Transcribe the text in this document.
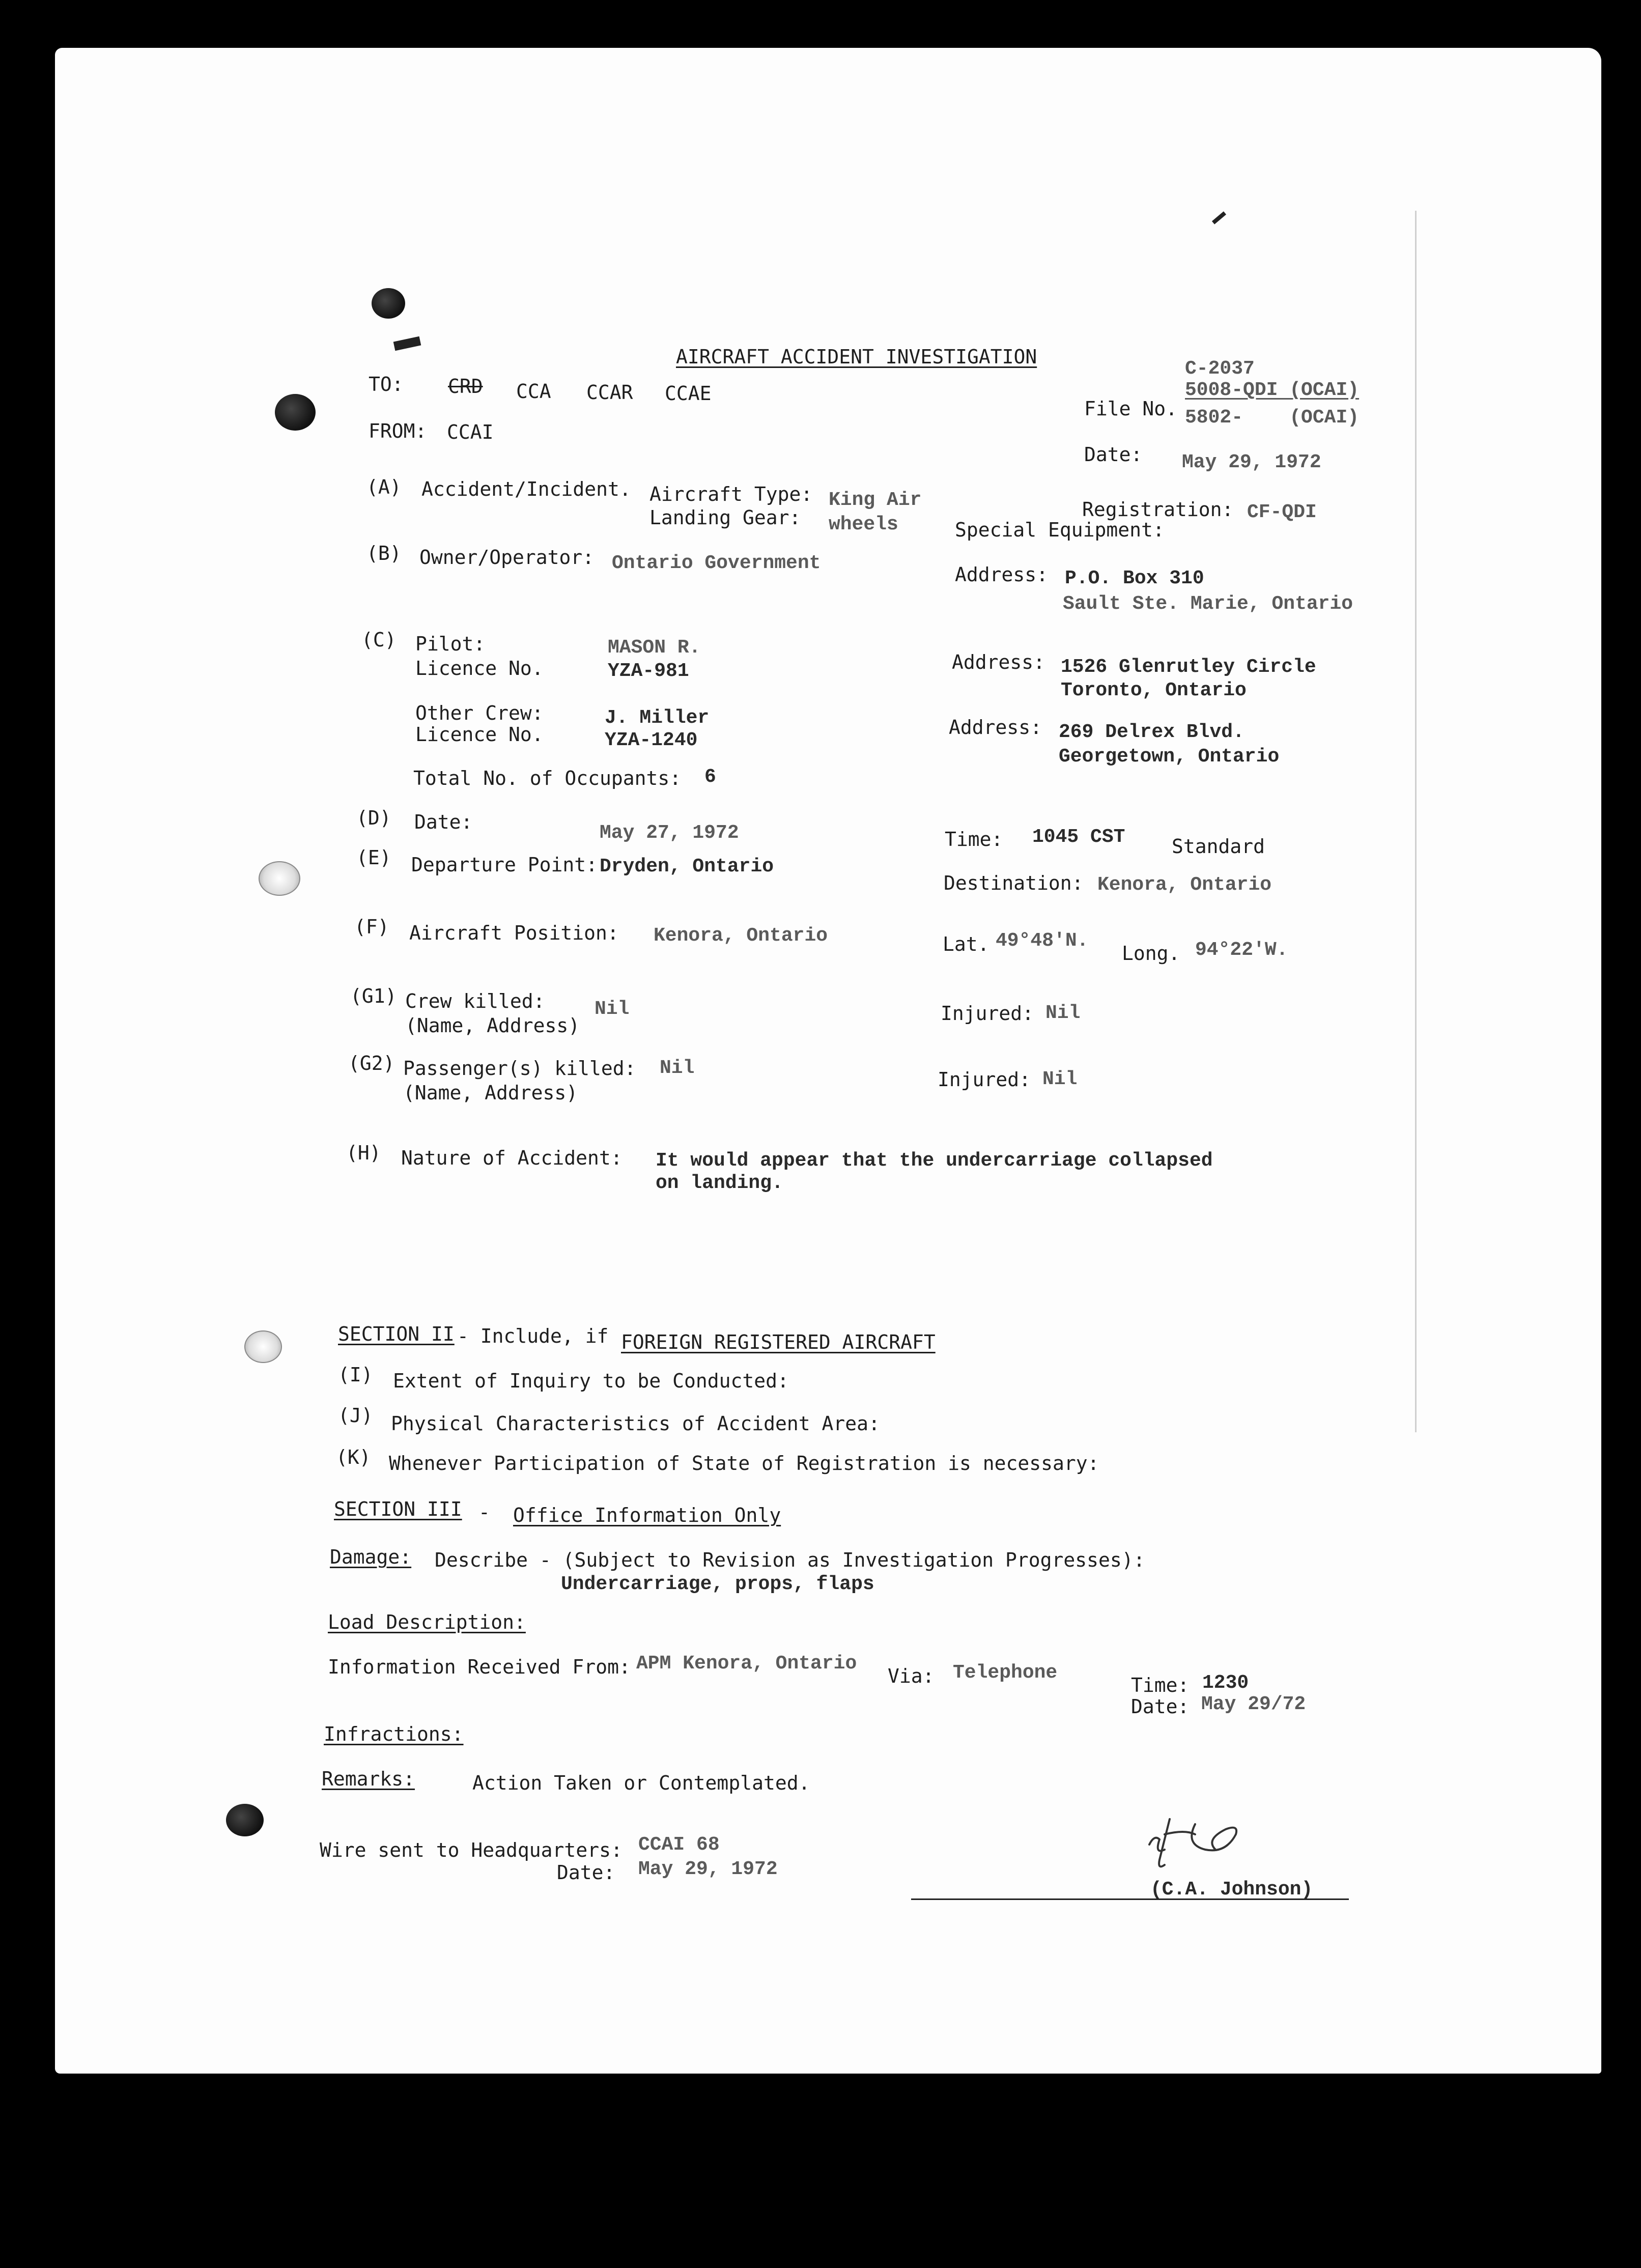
AIRCRAFT ACCIDENT INVESTIGATION
TO: CRD CCA CCAR CCAE
FROM: CCAI
C-2037
File No.
5008-QDI (OCAI)
5802-    (OCAI)
Date: May 29, 1972
(A) Accident/Incident. Aircraft Type: King Air
Landing Gear: wheels
Registration: CF-QDI
Special Equipment:
(B) Owner/Operator: Ontario Government
Address: P.O. Box 310
Sault Ste. Marie, Ontario
(C) Pilot:	MASON R.
Licence No.	YZA-981	Address: 1526 Glenrutley Circle
Toronto, Ontario
Other Crew:	J. Miller
Licence No.	YZA-1240
Address: 269 Delrex Blvd.
Georgetown, Ontario
Total No. of Occupants: 6
(D) Date:	May 27, 1972	Time: 1045 CST Standard
(E) Departure Point: Dryden, Ontario
Destination: Kenora, Ontario
(F) Aircraft Position: Kenora, Ontario	Lat. 49°48'N.
Long. 94°22'W.
(G1) Crew killed:
(Name, Address)
Nil	Injured: Nil
(G2) Passenger(s) killed:
(Name, Address)
Nil
Injured: Nil
(H) Nature of Accident: It would appear that the undercarriage collapsed
on landing.
SECTION II - Include, if FOREIGN REGISTERED AIRCRAFT
(I) Extent of Inquiry to be Conducted:
(J) Physical Characteristics of Accident Area:
(K) Whenever Participation of State of Registration is necessary:
SECTION III - Office Information Only
Damage: Describe - (Subject to Revision as Investigation Progresses):
Undercarriage, props, flaps
Load Description:
Information Received From: APM Kenora, Ontario
Via: Telephone
Time: 1230
Date: May 29/72
Infractions:
Remarks:	Action Taken or Contemplated.
Wire sent to Headquarters: CCAI 68
Date: May 29, 1972
(C.A. Johnson)
